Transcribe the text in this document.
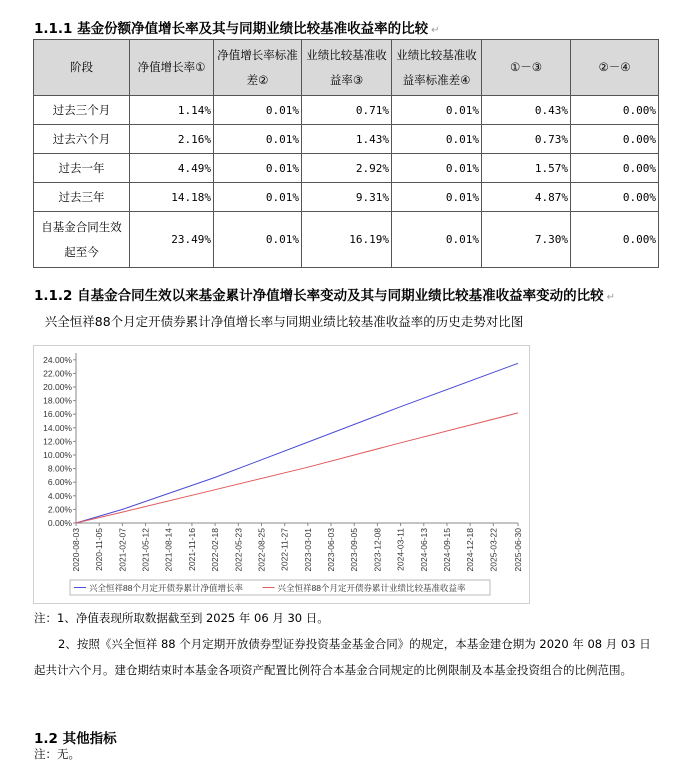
1.1.1 基金份额净值增长率及其与同期业绩比较基准收益率的比较 ↵
阶段	净值增长率①	净值增长率标准差②	业绩比较基准收益率③	业绩比较基准收益率标准差④	①－③	②－④
过去三个月	1.14%	0.01%	0.71%	0.01%	0.43%	0.00%
过去六个月	2.16%	0.01%	1.43%	0.01%	0.73%	0.00%
过去一年	4.49%	0.01%	2.92%	0.01%	1.57%	0.00%
过去三年	14.18%	0.01%	9.31%	0.01%	4.87%	0.00%
自基金合同生效起至今	23.49%	0.01%	16.19%	0.01%	7.30%	0.00%
1.1.2 自基金合同生效以来基金累计净值增长率变动及其与同期业绩比较基准收益率变动的比较 ↵
兴全恒祥88个月定开债券累计净值增长率与同期业绩比较基准收益率的历史走势对比图
0.00%
2.00%
4.00%
6.00%
8.00%
10.00%
12.00%
14.00%
16.00%
18.00%
20.00%
22.00%
24.00%
2020-08-03 2020-11-05 2021-02-07 2021-05-12 2021-08-14 2021-11-16 2022-02-18 2022-05-23 2022-08-25 2022-11-27 2023-03-01 2023-06-03 2023-09-05 2023-12-08 2024-03-11 2024-06-13 2024-09-15 2024-12-18 2025-03-22 2025-06-30
兴全恒祥88个月定开债券累计净值增长率	兴全恒祥88个月定开债券累计业绩比较基准收益率
注：1、净值表现所取数据截至到 2025 年 06 月 30 日。
2、按照《兴全恒祥 88 个月定期开放债券型证券投资基金基金合同》的规定，本基金建仓期为 2020 年 08 月 03 日起共计六个月。建仓期结束时本基金各项资产配置比例符合本基金合同规定的比例限制及本基金投资组合的比例范围。
1.2 其他指标
注：无。
